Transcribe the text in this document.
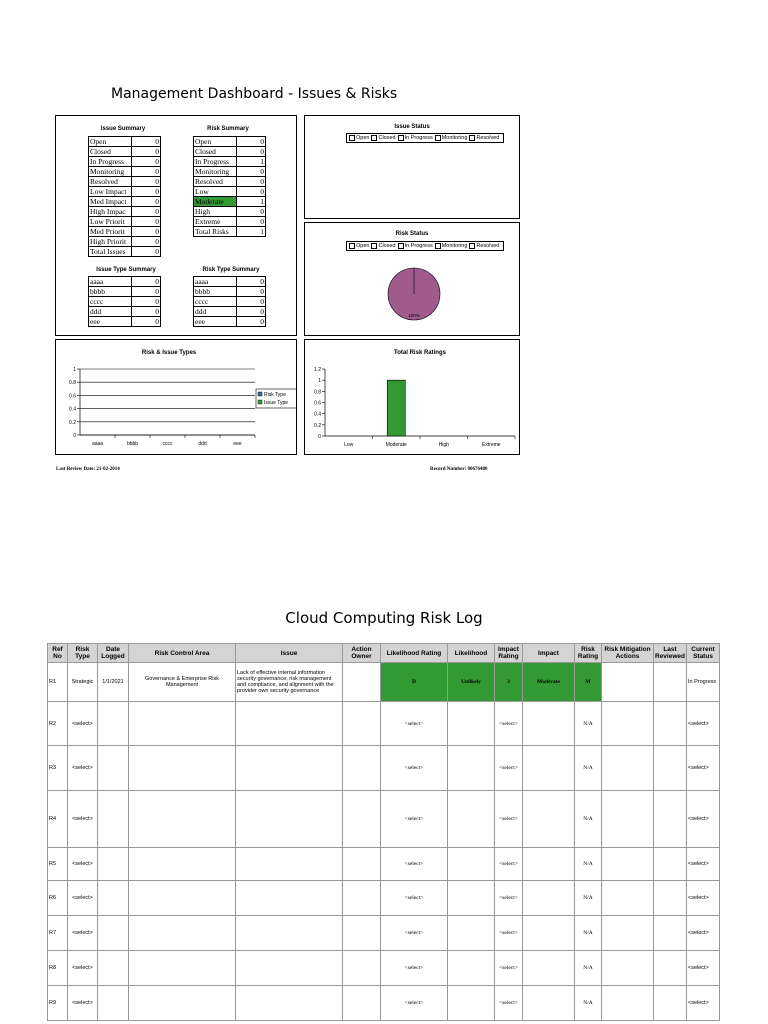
Management Dashboard - Issues & Risks
Issue Summary
Open	0
Closed	0
In Progress	0
Monitoring	0
Resolved	0
Low Impact	0
Med Impact	0
High Impac	0
Low Priorit	0
Med Priorit	0
High Priorit	0
Total Issues	0
Risk Summary
Open	0
Closed	0
In Progress	1
Monitoring	0
Resolved	0
Low	0
Moderate	1
High	0
Extreme	0
Total Risks	1
Issue Type Summary
aaaa	0
bbbb	0
cccc	0
ddd	0
eee	0
Risk Type Summary
aaaa	0
bbbb	0
cccc	0
ddd	0
eee	0
Issue Status
Open Closed In Progress Monitoring Resolved
Risk Status
Open Closed In Progress Monitoring Resolved
100%
Risk & Issue Types
0
0.2
0.4
0.6
0.8
1
aaaa	bbbb	cccc	ddd	eee
Risk Type
Issue Type
Total Risk Ratings
0
0.2
0.4
0.6
0.8
1
1.2
Low	Moderate	High	Extreme
Last Review Date: 21-02-2014	Record Number: 00676480
Cloud Computing Risk Log
Ref No	Risk Type	Date Logged	Risk Control Area	Issue	Action Owner	Likelihood Rating	Likelihood	Impact Rating	Impact	Risk Rating	Risk Mitigation Actions	Last Reviewed	Current Status
R1	Strategic	1/1/2021	Governance & Enterprise Risk Management	Lack of effective internal information security governance, risk management and compliance, and alignment with the provider own security governance		D	Unlikely	3	Moderate	M			In Progress
R2	<select>					<select>		<select>		N/A			<select>
R3	<select>					<select>		<select>		N/A			<select>
R4	<select>					<select>		<select>		N/A			<select>
R5	<select>					<select>		<select>		N/A			<select>
R6	<select>					<select>		<select>		N/A			<select>
R7	<select>					<select>		<select>		N/A			<select>
R8	<select>					<select>		<select>		N/A			<select>
R9	<select>					<select>		<select>		N/A			<select>
